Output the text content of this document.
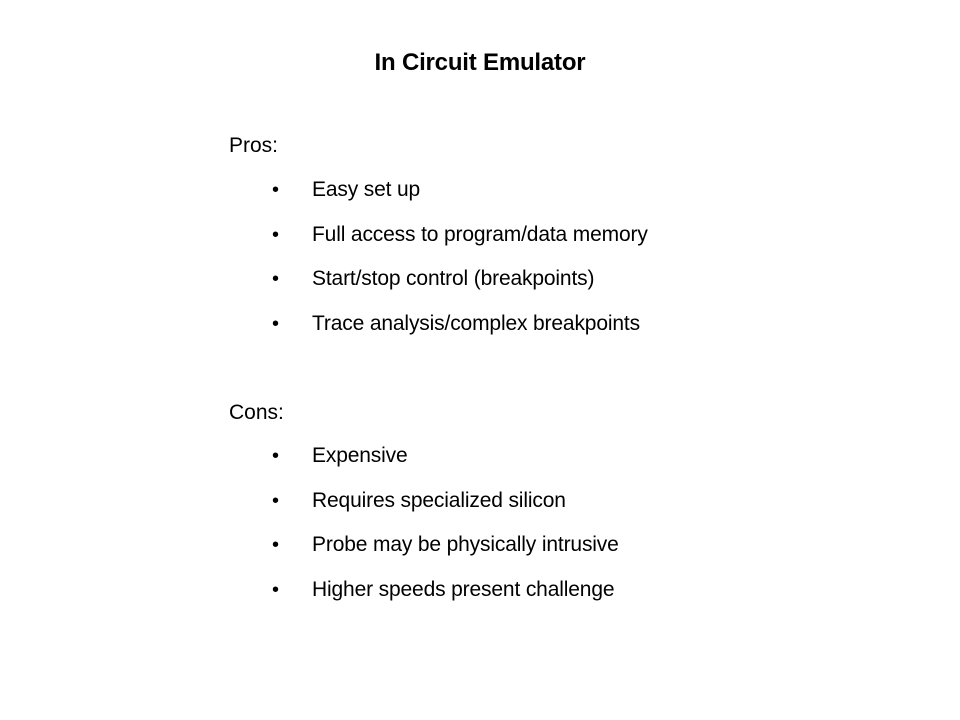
In Circuit Emulator
Pros:
• Easy set up
• Full access to program/data memory
• Start/stop control (breakpoints)
• Trace analysis/complex breakpoints
Cons:
• Expensive
• Requires specialized silicon
• Probe may be physically intrusive
• Higher speeds present challenge
